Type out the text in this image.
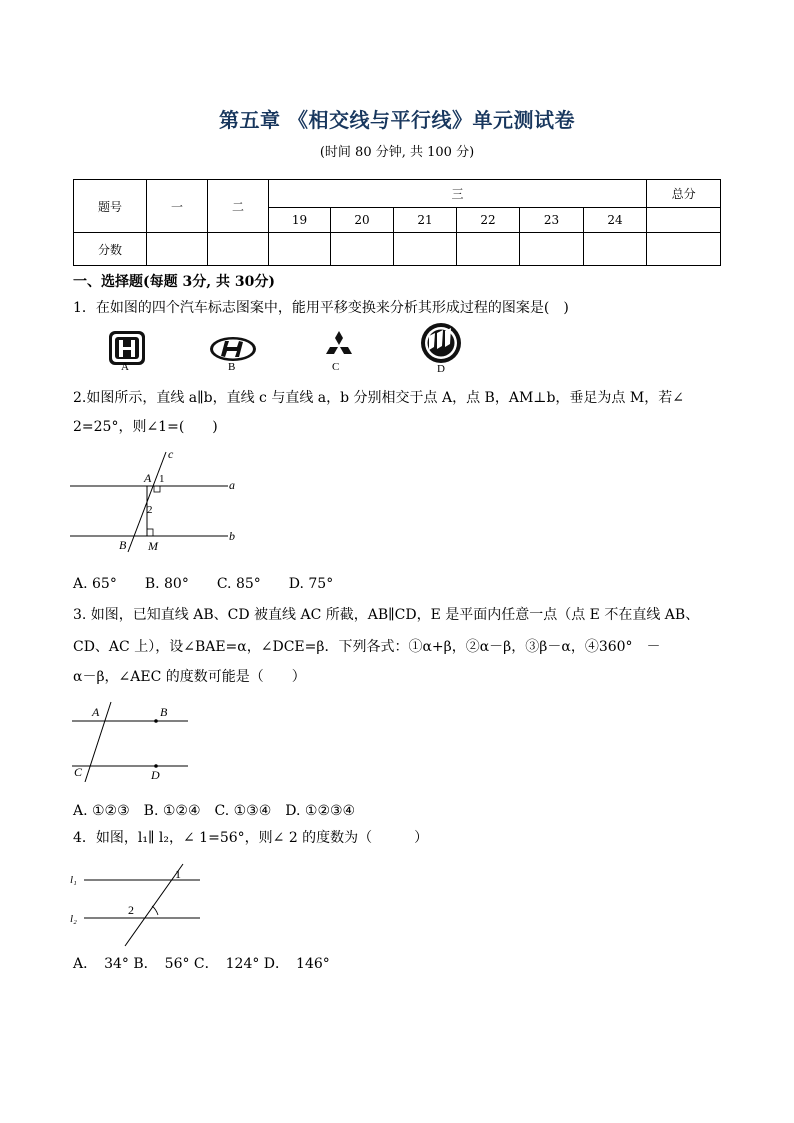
第五章 《相交线与平行线》单元测试卷
(时间 80 分钟, 共 100 分)
题号	一	二	三						总分
			19	20	21	22	23	24	
分数									
一、选择题(每题 3分, 共 30分)
1．在如图的四个汽车标志图案中，能用平移变换来分析其形成过程的图案是(　)
A	B	C	D
2.如图所示，直线 a∥b，直线 c 与直线 a，b 分别相交于点 A，点 B，AM⊥b，垂足为点 M，若∠
2=25°，则∠1=(　　)
c
a
b
A 1
2
B M
A. 65°　　B. 80°　　C. 85°　　D. 75°
3. 如图，已知直线 AB、CD 被直线 AC 所截，AB∥CD，E 是平面内任意一点（点 E 不在直线 AB、
CD、AC 上），设∠BAE=α，∠DCE=β．下列各式：①α+β，②α－β，③β－α，④360°　－
α－β，∠AEC 的度数可能是（　　）
A	B
C	D
A. ①②③　B. ①②④　C. ①③④　D. ①②③④
4．如图，l₁∥ l₂，∠ 1=56°，则∠ 2 的度数为（　　　）
l₁
l₂
1
2
A．　34° B．　56° C．　124° D．　146°
